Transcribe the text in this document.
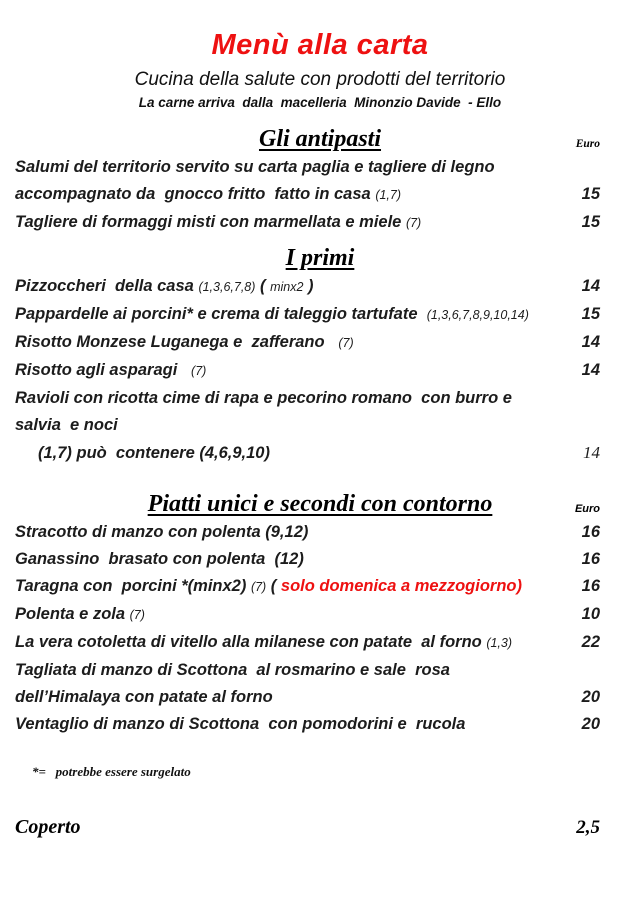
Menù alla carta
Cucina della salute con prodotti del territorio
La carne arriva  dalla  macelleria  Minonzio Davide  - Ello
Gli antipasti	Euro
Salumi del territorio servito su carta paglia e tagliere di legno
accompagnato da  gnocco fritto  fatto in casa (1,7)	15
Tagliere di formaggi misti con marmellata e miele (7)	15
I primi
Pizzoccheri  della casa (1,3,6,7,8) ( minx2 )	14
Pappardelle ai porcini* e crema di taleggio tartufate  (1,3,6,7,8,9,10,14)	15
Risotto Monzese Luganega e  zafferano   (7)	14
Risotto agli asparagi   (7)	14
Ravioli con ricotta cime di rapa e pecorino romano  con burro e salvia  e noci
(1,7) può  contenere (4,6,9,10)	14
Piatti unici e secondi con contorno	Euro
Stracotto di manzo con polenta (9,12)	16
Ganassino  brasato con polenta  (12)	16
Taragna con  porcini *(minx2) (7) ( solo domenica a mezzogiorno)	16
Polenta e zola (7)	10
La vera cotoletta di vitello alla milanese con patate  al forno (1,3)	22
Tagliata di manzo di Scottona  al rosmarino e sale  rosa
dell’Himalaya con patate al forno	20
Ventaglio di manzo di Scottona  con pomodorini e  rucola	20
*=   potrebbe essere surgelato
Coperto	2,5
